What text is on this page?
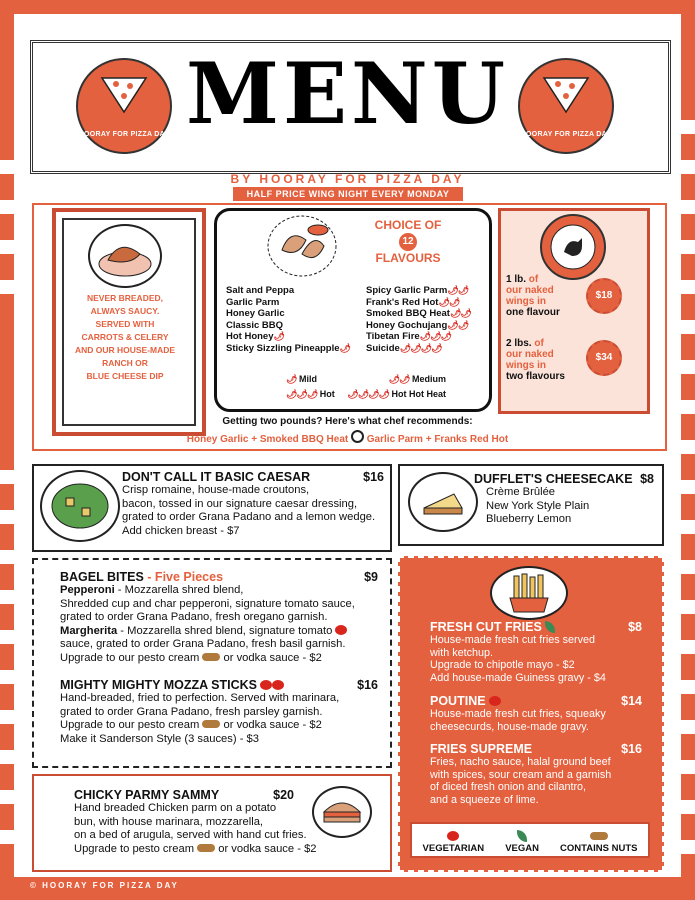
HOORAY FOR PIZZA DAY	HOORAY FOR PIZZA DAY
MENU
BY HOORAY FOR PIZZA DAY
HALF PRICE WING NIGHT EVERY MONDAY
NEVER BREADED,
ALWAYS SAUCY.
SERVED WITH
CARROTS & CELERY
AND OUR HOUSE-MADE
RANCH OR
BLUE CHEESE DIP
CHOICE OF
12
FLAVOURS
Salt and Peppa
Garlic Parm
Honey Garlic
Classic BBQ
Hot Honey🌶
Sticky Sizzling Pineapple🌶
Spicy Garlic Parm🌶🌶
Frank's Red Hot🌶🌶
Smoked BBQ Heat🌶🌶
Honey Gochujang🌶🌶
Tibetan Fire🌶🌶🌶
Suicide🌶🌶🌶🌶
🌶 Mild	🌶🌶 Medium
🌶🌶🌶 Hot 🌶🌶🌶🌶 Hot Hot Heat
1 lb. of
our naked
wings in
one flavour
$18
2 lbs. of
our naked
wings in
two flavours
$34
Getting two pounds? Here's what chef recommends:
Honey Garlic + Smoked BBQ Heat Garlic Parm + Franks Red Hot
DON'T CALL IT BASIC CAESAR	$16
Crisp romaine, house-made croutons,
bacon, tossed in our signature caesar dressing,
grated to order Grana Padano and a lemon wedge.
Add chicken breast - $7
DUFFLET'S CHEESECAKE $8
Crème Brûlée
New York Style Plain
Blueberry Lemon
BAGEL BITES - Five Pieces	$9
Pepperoni - Mozzarella shred blend,
Shredded cup and char pepperoni, signature tomato sauce,
grated to order Grana Padano, fresh oregano garnish.
Margherita - Mozzarella shred blend, signature tomato
sauce, grated to order Grana Padano, fresh basil garnish.
Upgrade to our pesto cream or vodka sauce - $2
MIGHTY MIGHTY MOZZA STICKS	$16
Hand-breaded, fried to perfection. Served with marinara,
grated to order Grana Padano, fresh parsley garnish.
Upgrade to our pesto cream or vodka sauce - $2
Make it Sanderson Style (3 sauces) - $3
CHICKY PARMY SAMMY	$20
Hand breaded Chicken parm on a potato
bun, with house marinara, mozzarella,
on a bed of arugula, served with hand cut fries.
Upgrade to pesto cream or vodka sauce - $2
FRESH CUT FRIES	$8
House-made fresh cut fries served
with ketchup.
Upgrade to chipotle mayo - $2
Add house-made Guiness gravy - $4
POUTINE	$14
House-made fresh cut fries, squeaky
cheesecurds, house-made gravy.
FRIES SUPREME	$16
Fries, nacho sauce, halal ground beef
with spices, sour cream and a garnish
of diced fresh onion and cilantro,
and a squeeze of lime.
VEGETARIAN VEGAN CONTAINS NUTS
© HOORAY FOR PIZZA DAY
